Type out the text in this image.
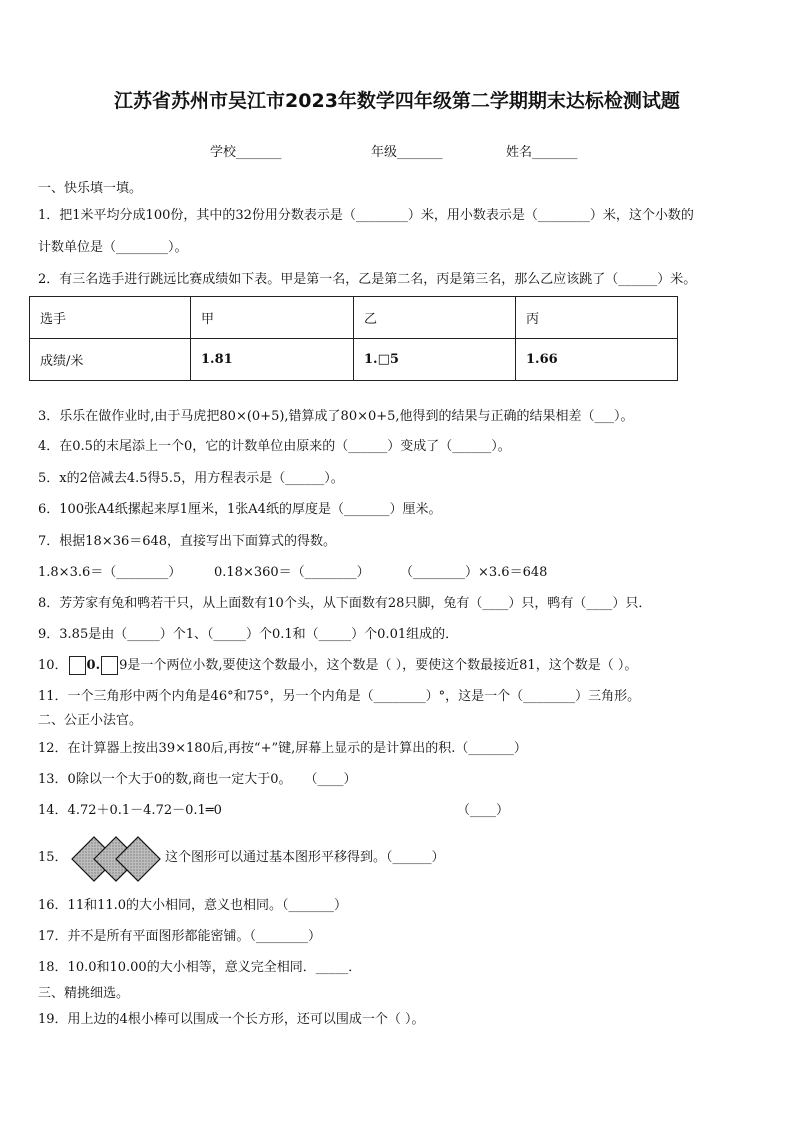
江苏省苏州市吴江市2023年数学四年级第二学期期末达标检测试题
学校_______	年级_______	姓名_______
一、快乐填一填。
1．把1米平均分成100份，其中的32份用分数表示是（________）米，用小数表示是（________）米，这个小数的
计数单位是（________）。
2．有三名选手进行跳远比赛成绩如下表。甲是第一名，乙是第二名，丙是第三名，那么乙应该跳了（______）米。
选手	甲	乙	丙
成绩/米	1.81	1.□5	1.66
3．乐乐在做作业时,由于马虎把80×(0+5),错算成了80×0+5,他得到的结果与正确的结果相差（___）。
4．在0.5的末尾添上一个0，它的计数单位由原来的（______）变成了（______）。
5．x的2倍减去4.5得5.5，用方程表示是（______）。
6．100张A4纸摞起来厚1厘米，1张A4纸的厚度是（_______）厘米。
7．根据18×36＝648，直接写出下面算式的得数。
1.8×3.6＝（________）	0.18×360＝（________） （________）×3.6＝648
8．芳芳家有兔和鸭若干只，从上面数有10个头，从下面数有28只脚，兔有（____）只，鸭有（____）只．
9．3.85是由（_____）个1、（_____）个0.1和（_____）个0.01组成的．
10． 0. 9是一个两位小数,要使这个数最小，这个数是（ ），要使这个数最接近81，这个数是（ ）。
11．一个三角形中两个内角是46°和75°，另一个内角是（________）°，这是一个（________）三角形。
二、公正小法官。
12．在计算器上按出39×180后,再按“+”键,屏幕上显示的是计算出的积.（_______）
13．0除以一个大于0的数,商也一定大于0。　　（____）
14．4.72＋0.1－4.72－0.1═0	（____）
15．	这个图形可以通过基本图形平移得到。（______）
16．11和11.0的大小相同，意义也相同。（_______）
17．并不是所有平面图形都能密铺。（________）
18．10.0和10.00的大小相等，意义完全相同．_____．
三、精挑细选。
19．用上边的4根小棒可以围成一个长方形，还可以围成一个（ ）。
